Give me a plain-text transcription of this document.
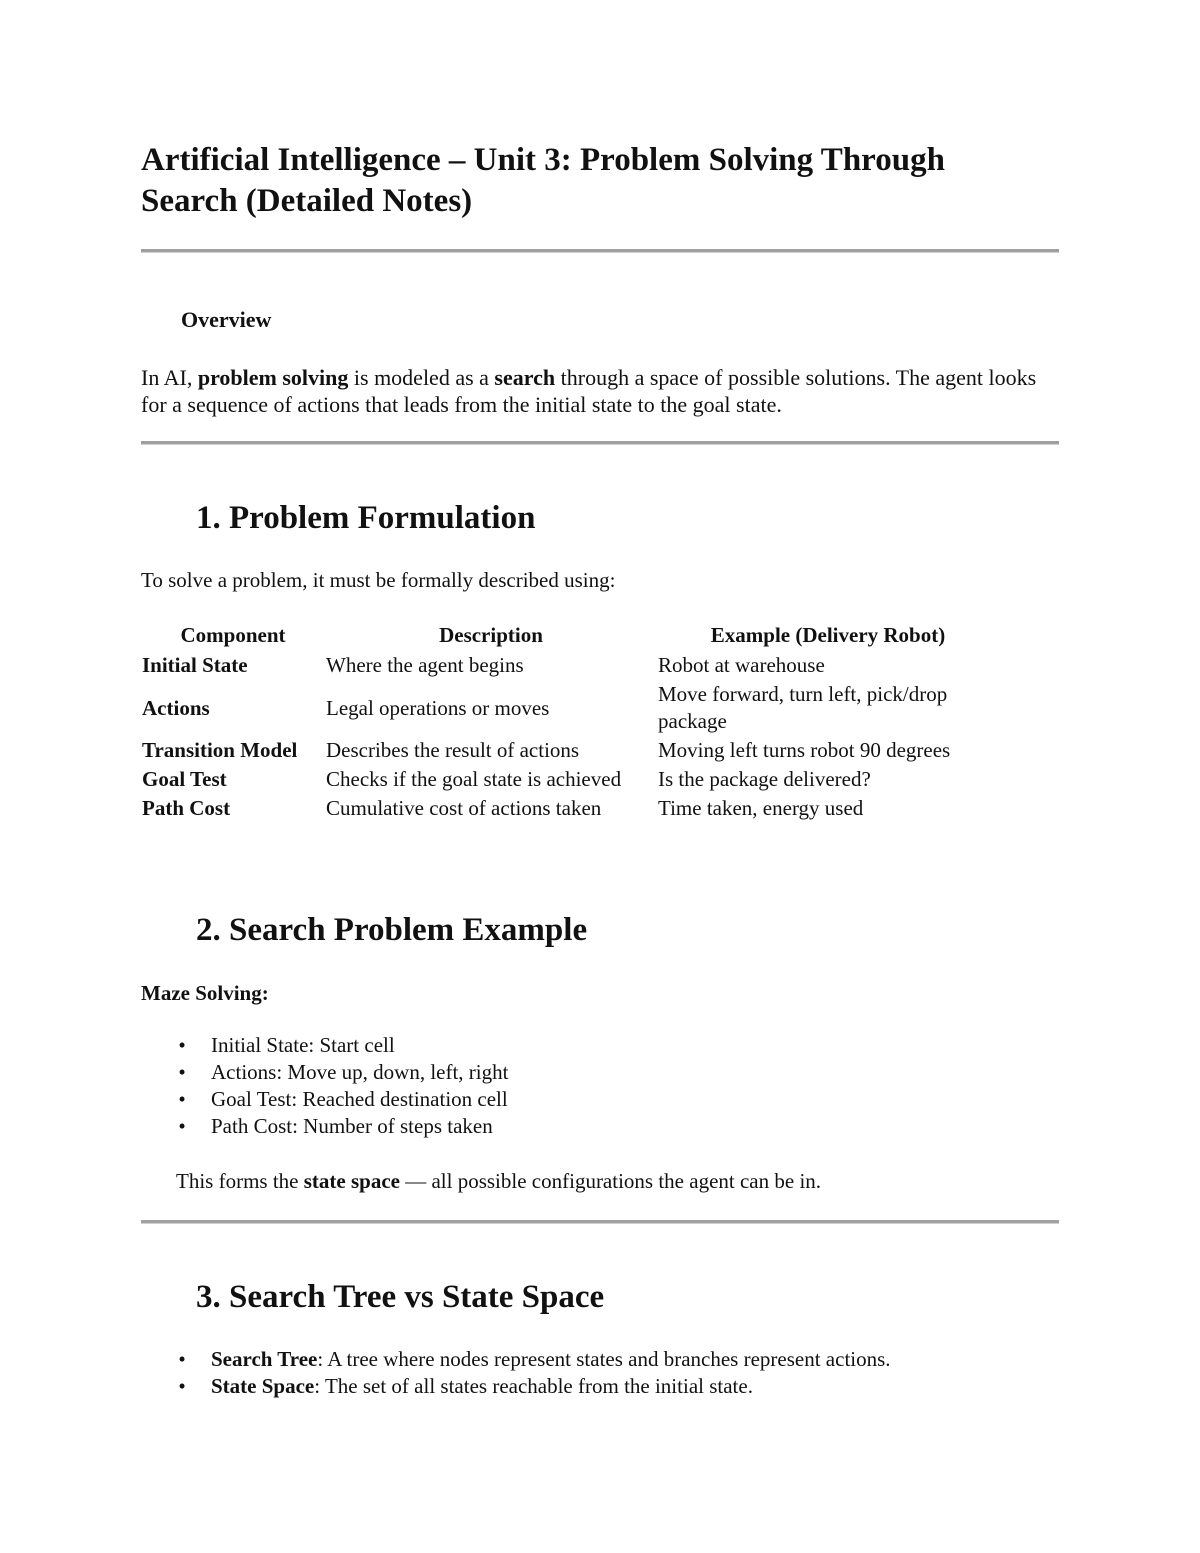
Artificial Intelligence – Unit 3: Problem Solving Through Search (Detailed Notes)
Overview

In AI, problem solving is modeled as a search through a space of possible solutions. The agent looks for a sequence of actions that leads from the initial state to the goal state.

1. Problem Formulation

To solve a problem, it must be formally described using:

Component	Description	Example (Delivery Robot)
Initial State	Where the agent begins	Robot at warehouse
Actions	Legal operations or moves	Move forward, turn left, pick/drop package
Transition Model	Describes the result of actions	Moving left turns robot 90 degrees
Goal Test	Checks if the goal state is achieved	Is the package delivered?
Path Cost	Cumulative cost of actions taken	Time taken, energy used
2. Search Problem Example

Maze Solving:

• Initial State: Start cell
• Actions: Move up, down, left, right
• Goal Test: Reached destination cell
• Path Cost: Number of steps taken

This forms the state space — all possible configurations the agent can be in.

3. Search Tree vs State Space
• Search Tree: A tree where nodes represent states and branches represent actions.
• State Space: The set of all states reachable from the initial state.
